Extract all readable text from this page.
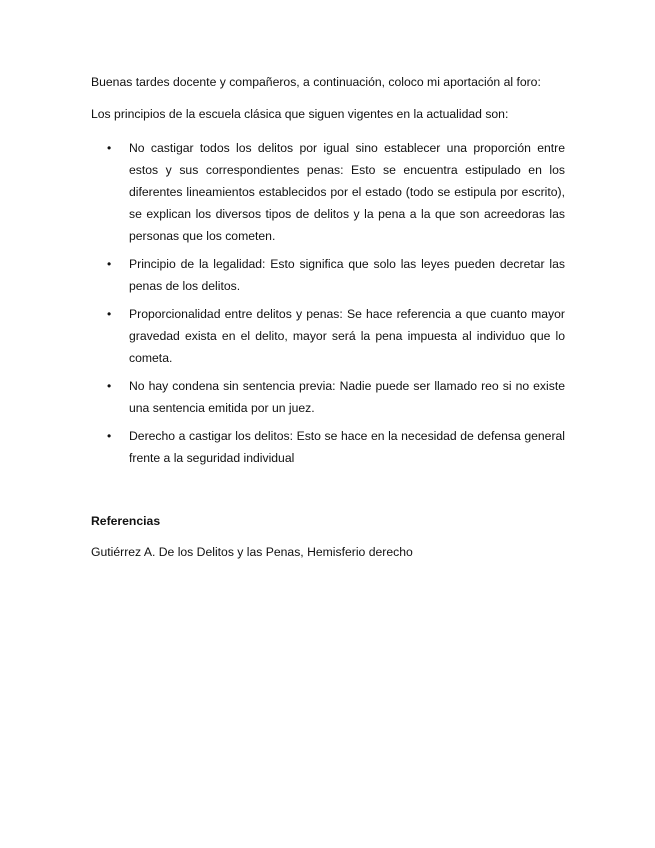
Buenas tardes docente y compañeros, a continuación, coloco mi aportación al foro:

Los principios de la escuela clásica que siguen vigentes en la actualidad son:

• No castigar todos los delitos por igual sino establecer una proporción entre estos y sus correspondientes penas: Esto se encuentra estipulado en los diferentes lineamientos establecidos por el estado (todo se estipula por escrito), se explican los diversos tipos de delitos y la pena a la que son acreedoras las personas que los cometen.
• Principio de la legalidad: Esto significa que solo las leyes pueden decretar las penas de los delitos.
• Proporcionalidad entre delitos y penas: Se hace referencia a que cuanto mayor gravedad exista en el delito, mayor será la pena impuesta al individuo que lo cometa.
• No hay condena sin sentencia previa: Nadie puede ser llamado reo si no existe una sentencia emitida por un juez.
• Derecho a castigar los delitos: Esto se hace en la necesidad de defensa general frente a la seguridad individual

Referencias

Gutiérrez A. De los Delitos y las Penas, Hemisferio derecho
